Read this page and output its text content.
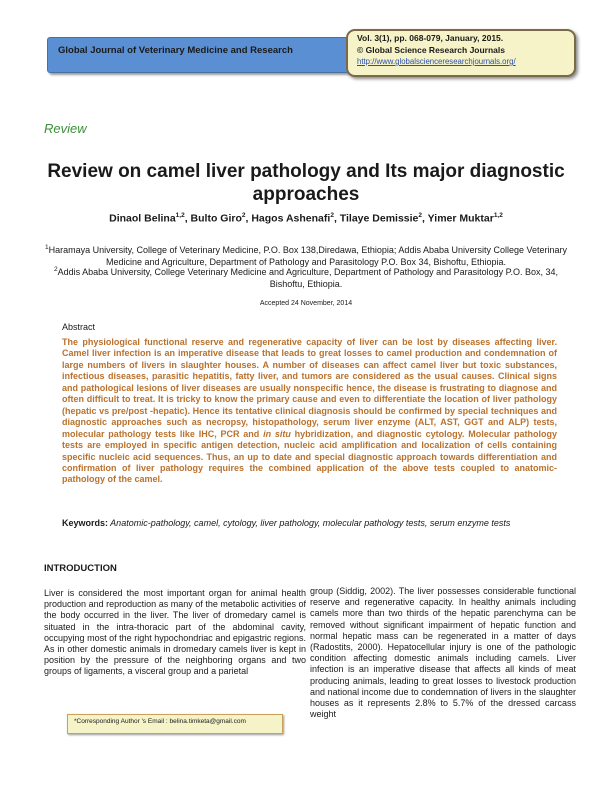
Global Journal of Veterinary Medicine and Research
Vol. 3(1), pp. 068-079, January, 2015.
© Global Science Research Journals
http://www.globalscienceresearchjournals.org/
Review
Review on camel liver pathology and Its major diagnostic approaches
Dinaol Belina$^{1,2}$, Bulto Giro$^2$, Hagos Ashenafi$^2$, Tilaye Demissie$^2$, Yimer Muktar$^{1,2}$
$^1$Haramaya University, College of Veterinary Medicine, P.O. Box 138,Diredawa, Ethiopia; Addis Ababa University College Veterinary Medicine and Agriculture, Department of Pathology and Parasitology P.O. Box 34, Bishoftu, Ethiopia.
$^2$Addis Ababa University, College Veterinary Medicine and Agriculture, Department of Pathology and Parasitology P.O. Box, 34, Bishoftu, Ethiopia.
Accepted 24 November, 2014
Abstract
The physiological functional reserve and regenerative capacity of liver can be lost by diseases affecting liver. Camel liver infection is an imperative disease that leads to great losses to camel production and condemnation of large numbers of livers in slaughter houses. A number of diseases can affect camel liver but toxic substances, infectious diseases, parasitic hepatitis, fatty liver, and tumors are considered as the usual causes. Clinical signs and pathological lesions of liver diseases are usually nonspecific hence, the disease is frustrating to diagnose and often difficult to treat. It is tricky to know the primary cause and even to differentiate the location of liver pathology (hepatic vs pre/post -hepatic). Hence its tentative clinical diagnosis should be confirmed by special techniques and diagnostic approaches such as necropsy, histopathology, serum liver enzyme (ALT, AST, GGT and ALP) tests, molecular pathology tests like IHC, PCR and in situ hybridization, and diagnostic cytology. Molecular pathology tests are employed in specific antigen detection, nucleic acid amplification and localization of cells containing specific nucleic acid sequences. Thus, an up to date and special diagnostic approach towards differentiation and confirmation of liver pathology requires the combined application of the above tests coupled to anatomic-pathology of the camel.
Keywords: Anatomic-pathology, camel, cytology, liver pathology, molecular pathology tests, serum enzyme tests
INTRODUCTION
Liver is considered the most important organ for animal health production and reproduction as many of the metabolic activities of the body occurred in the liver. The liver of dromedary camel is situated in the intra-thoracic part of the abdominal cavity, occupying most of the right hypochondriac and epigastric regions. As in other domestic animals in dromedary camels liver is kept in position by the pressure of the neighboring organs and two groups of ligaments, a visceral group and a parietal
group (Siddig, 2002). The liver possesses considerable functional reserve and regenerative capacity. In healthy animals including camels more than two thirds of the hepatic parenchyma can be removed without significant impairment of hepatic function and normal hepatic mass can be regenerated in a matter of days (Radostits, 2000). Hepatocellular injury is one of the pathologic condition affecting domestic animals including camels. Liver infection is an imperative disease that affects all kinds of meat producing animals, leading to great losses to livestock production and national income due to condemnation of livers in the slaughter houses as it represents 2.8% to 5.7% of the dressed carcass weight
*Corresponding Author 's Email : belina.timketa@gmail.com
